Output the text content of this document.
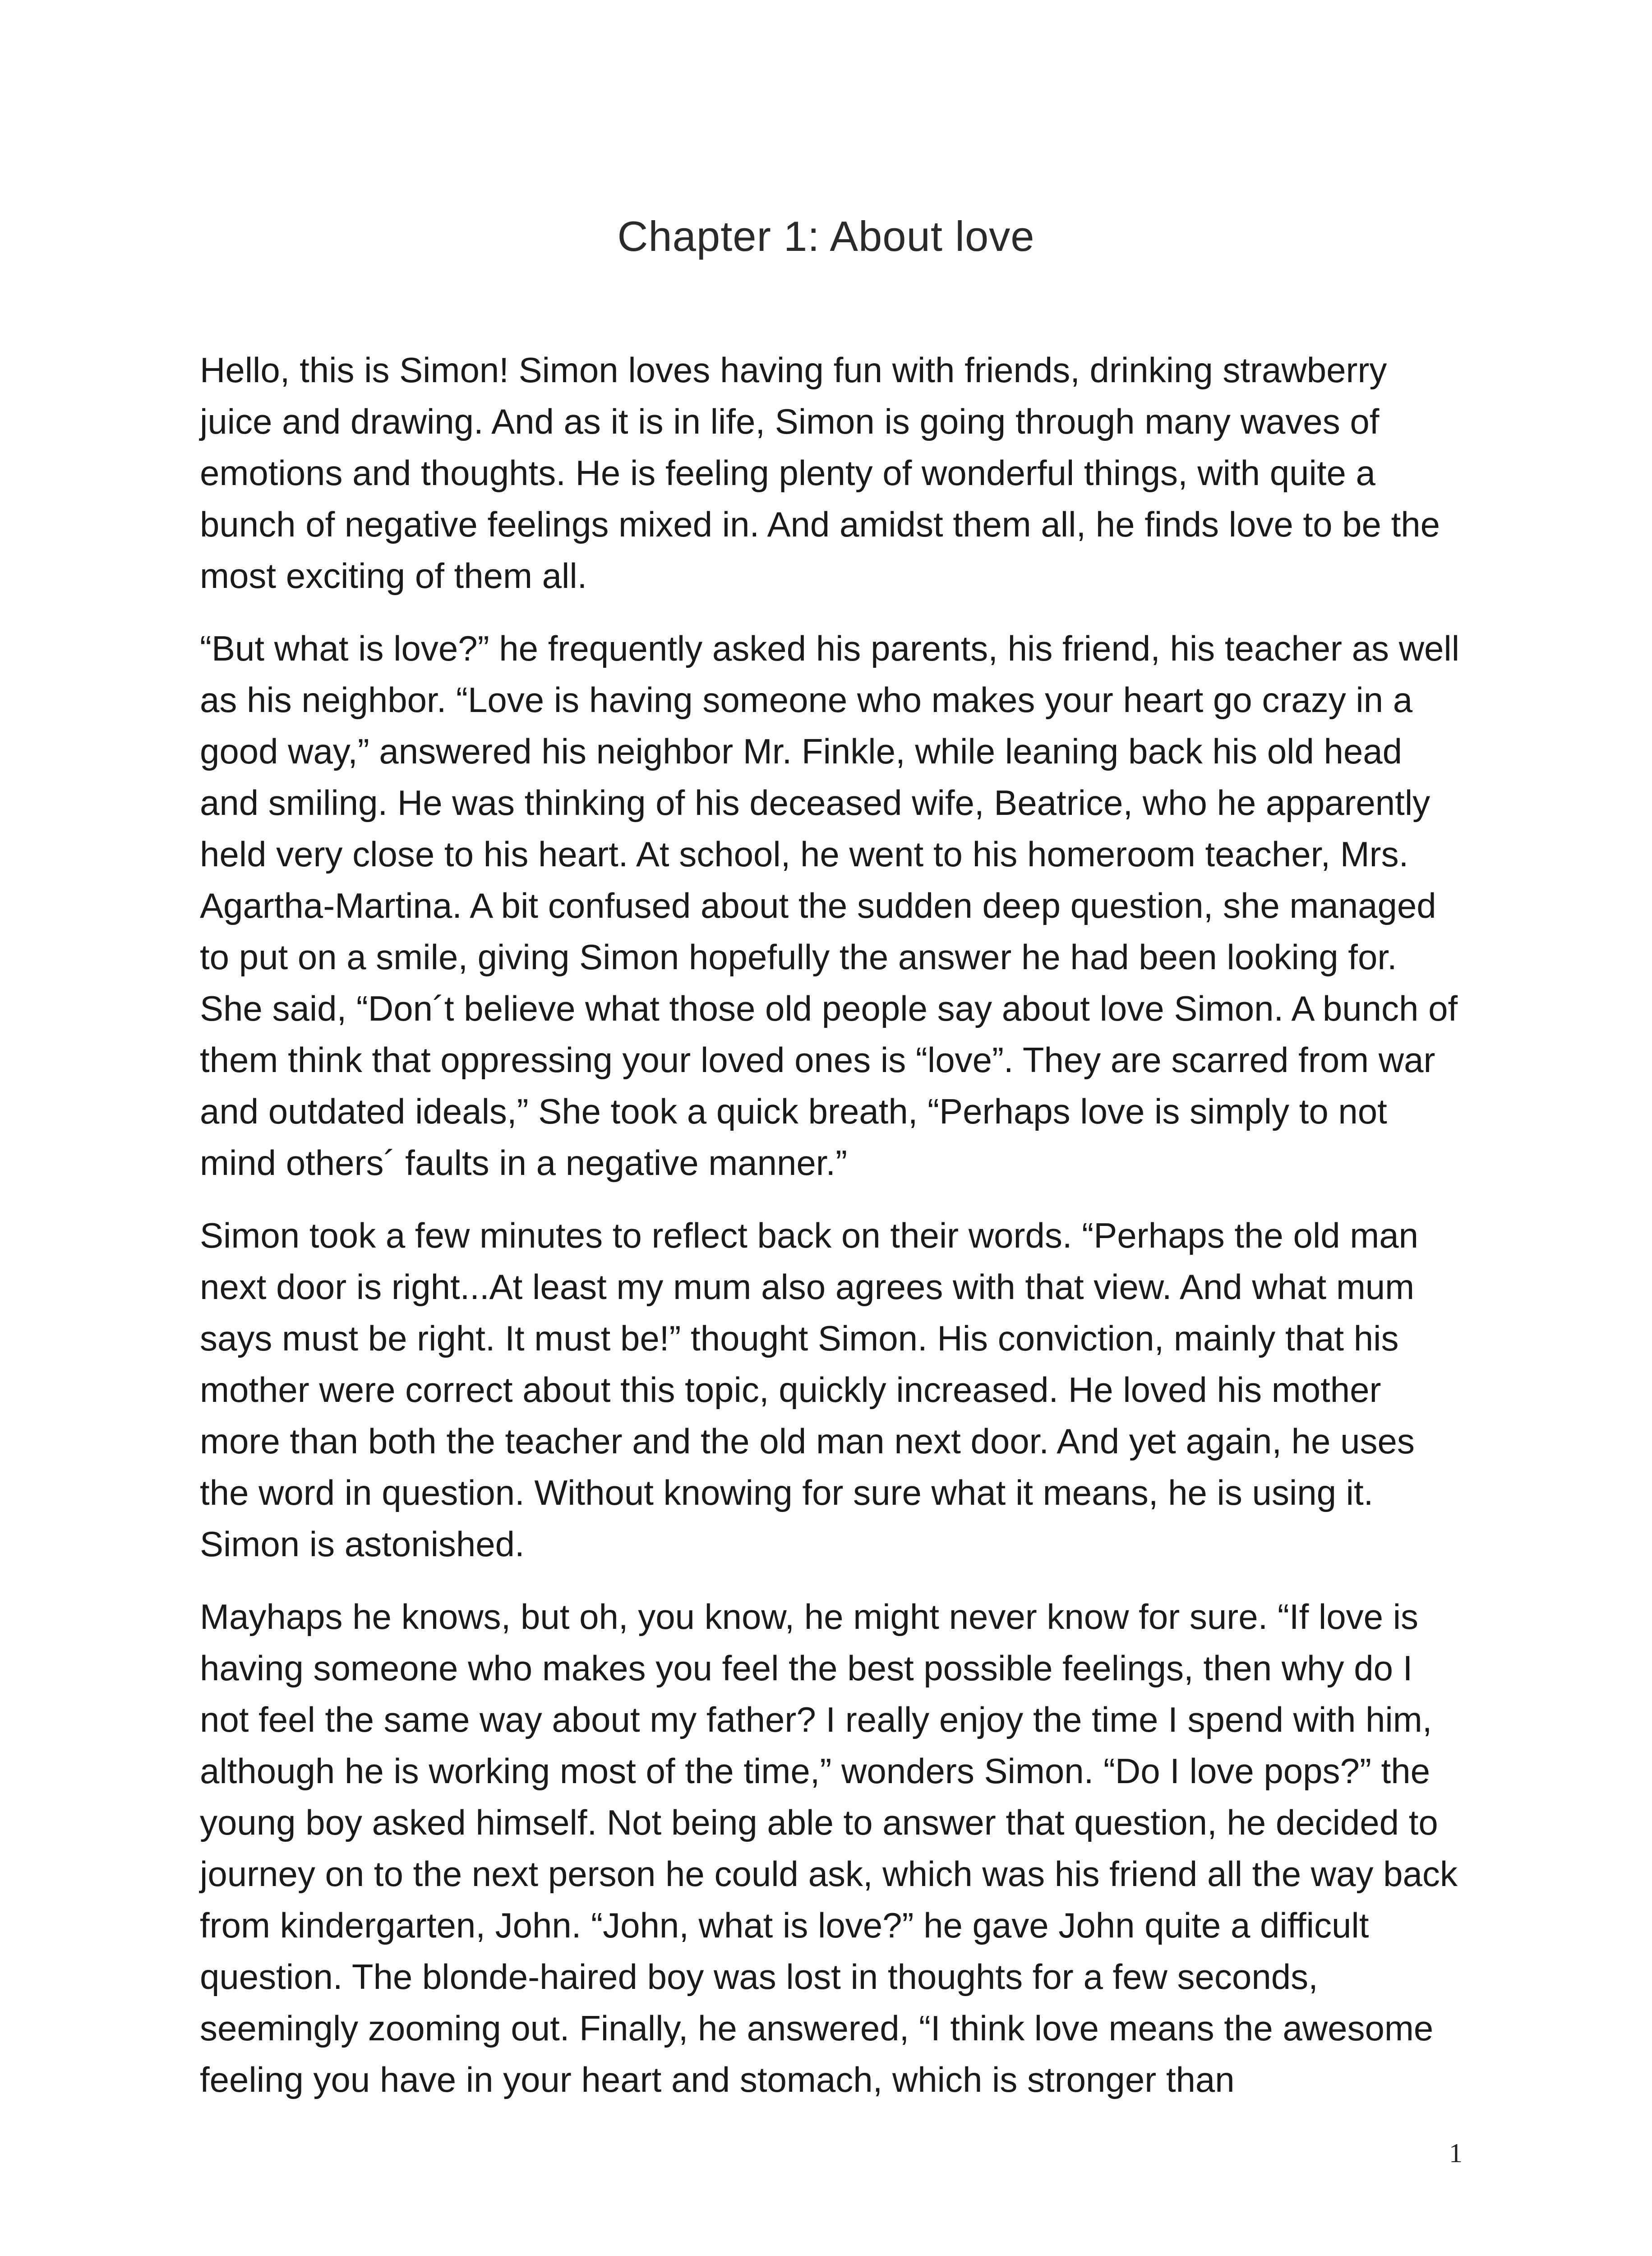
Chapter 1: About love

Hello, this is Simon! Simon loves having fun with friends, drinking strawberry juice and drawing. And as it is in life, Simon is going through many waves of emotions and thoughts. He is feeling plenty of wonderful things, with quite a bunch of negative feelings mixed in. And amidst them all, he finds love to be the most exciting of them all.

“But what is love?” he frequently asked his parents, his friend, his teacher as well as his neighbor. “Love is having someone who makes your heart go crazy in a good way,” answered his neighbor Mr. Finkle, while leaning back his old head and smiling. He was thinking of his deceased wife, Beatrice, who he apparently held very close to his heart. At school, he went to his homeroom teacher, Mrs. Agartha-Martina. A bit confused about the sudden deep question, she managed to put on a smile, giving Simon hopefully the answer he had been looking for. She said, “Don´t believe what those old people say about love Simon. A bunch of them think that oppressing your loved ones is “love”. They are scarred from war and outdated ideals,” She took a quick breath, “Perhaps love is simply to not mind others´ faults in a negative manner.”

Simon took a few minutes to reflect back on their words. “Perhaps the old man next door is right...At least my mum also agrees with that view. And what mum says must be right. It must be!” thought Simon. His conviction, mainly that his mother were correct about this topic, quickly increased. He loved his mother more than both the teacher and the old man next door. And yet again, he uses the word in question. Without knowing for sure what it means, he is using it. Simon is astonished.

Mayhaps he knows, but oh, you know, he might never know for sure. “If love is having someone who makes you feel the best possible feelings, then why do I not feel the same way about my father? I really enjoy the time I spend with him, although he is working most of the time,” wonders Simon. “Do I love pops?” the young boy asked himself. Not being able to answer that question, he decided to journey on to the next person he could ask, which was his friend all the way back from kindergarten, John. “John, what is love?” he gave John quite a difficult question. The blonde-haired boy was lost in thoughts for a few seconds, seemingly zooming out. Finally, he answered, “I think love means the awesome feeling you have in your heart and stomach, which is stronger than

1
